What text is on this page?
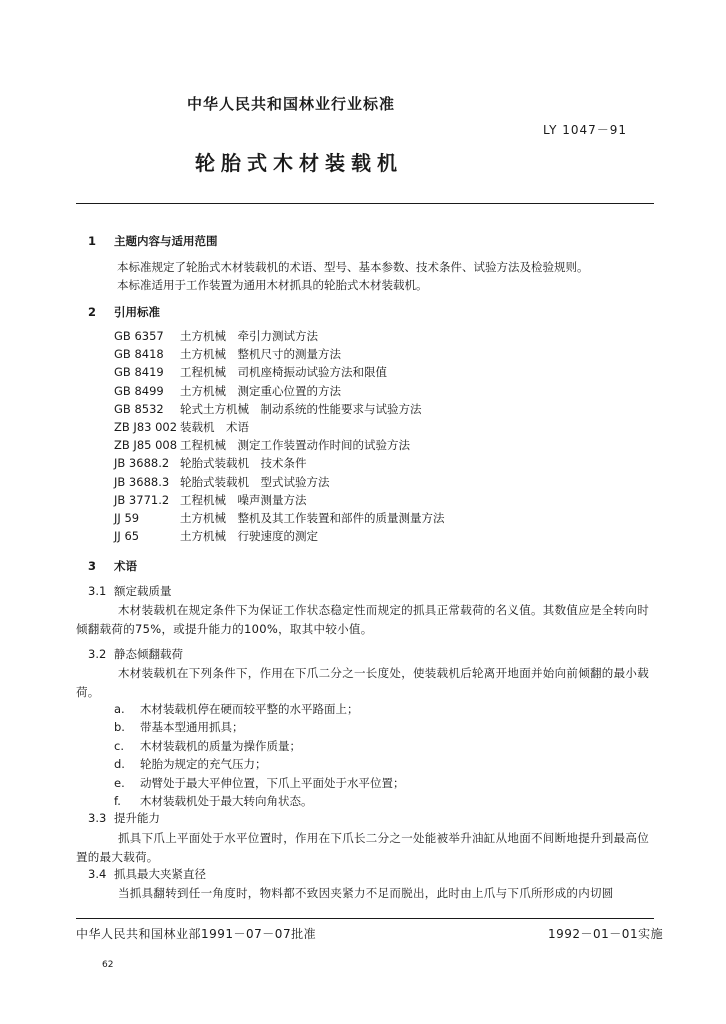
中华人民共和国林业行业标准
LY 1047－91
轮胎式木材装载机
1 主题内容与适用范围
本标准规定了轮胎式木材装载机的术语、型号、基本参数、技术条件、试验方法及检验规则。
本标准适用于工作装置为通用木材抓具的轮胎式木材装载机。
2 引用标准
GB 6357	土方机械　牵引力测试方法
GB 8418	土方机械　整机尺寸的测量方法
GB 8419	工程机械　司机座椅振动试验方法和限值
GB 8499	土方机械　测定重心位置的方法
GB 8532	轮式土方机械　制动系统的性能要求与试验方法
ZB J83 002 装载机　术语
ZB J85 008 工程机械　测定工作装置动作时间的试验方法
JB 3688.2 轮胎式装载机　技术条件
JB 3688.3 轮胎式装载机　型式试验方法
JB 3771.2 工程机械　噪声测量方法
JJ 59	土方机械　整机及其工作装置和部件的质量测量方法
JJ 65	土方机械　行驶速度的测定
3 术语
3.1 额定载质量
木材装载机在规定条件下为保证工作状态稳定性而规定的抓具正常载荷的名义值。其数值应是全转向时倾翻载荷的75%，或提升能力的100%，取其中较小值。
3.2 静态倾翻载荷
木材装载机在下列条件下，作用在下爪二分之一长度处，使装载机后轮离开地面并始向前倾翻的最小载荷。
a.	木材装载机停在硬而较平整的水平路面上；
b.	带基本型通用抓具；
c.	木材装载机的质量为操作质量；
d.	轮胎为规定的充气压力；
e.	动臂处于最大平伸位置，下爪上平面处于水平位置；
f.	木材装载机处于最大转向角状态。
3.3 提升能力
抓具下爪上平面处于水平位置时，作用在下爪长二分之一处能被举升油缸从地面不间断地提升到最高位置的最大载荷。
3.4 抓具最大夹紧直径
当抓具翻转到任一角度时，物料都不致因夹紧力不足而脱出，此时由上爪与下爪所形成的内切圆
中华人民共和国林业部1991－07－07批准	1992－01－01实施
62
